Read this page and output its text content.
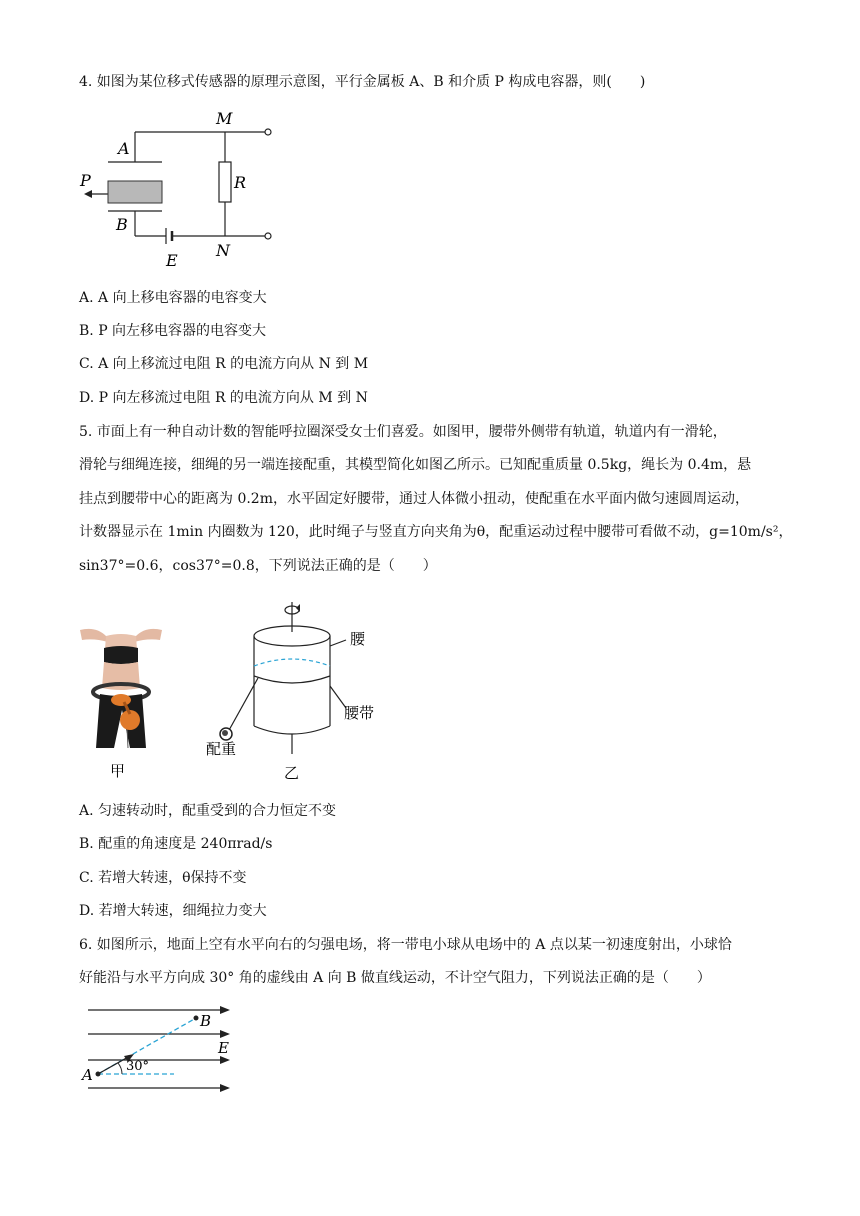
4. 如图为某位移式传感器的原理示意图，平行金属板 A、B 和介质 P 构成电容器，则(　　)
A
B
P	R
M
N
E
A. A 向上移电容器的电容变大
B. P 向左移电容器的电容变大
C. A 向上移流过电阻 R 的电流方向从 N 到 M
D. P 向左移流过电阻 R 的电流方向从 M 到 N
5. 市面上有一种自动计数的智能呼拉圈深受女士们喜爱。如图甲，腰带外侧带有轨道，轨道内有一滑轮，
滑轮与细绳连接，细绳的另一端连接配重，其模型简化如图乙所示。已知配重质量 0.5kg，绳长为 0.4m，悬
挂点到腰带中心的距离为 0.2m，水平固定好腰带，通过人体微小扭动，使配重在水平面内做匀速圆周运动，
计数器显示在 1min 内圈数为 120，此时绳子与竖直方向夹角为θ，配重运动过程中腰带可看做不动，g=10m/s²，
sin37°=0.6，cos37°=0.8，下列说法正确的是（　　）
甲
腰
腰带
配重
乙
A. 匀速转动时，配重受到的合力恒定不变
B. 配重的角速度是 240πrad/s
C. 若增大转速，θ保持不变
D. 若增大转速，细绳拉力变大
6. 如图所示，地面上空有水平向右的匀强电场，将一带电小球从电场中的 A 点以某一初速度射出，小球恰
好能沿与水平方向成 30° 角的虚线由 A 向 B 做直线运动，不计空气阻力，下列说法正确的是（　　）
A
B
E
30°
